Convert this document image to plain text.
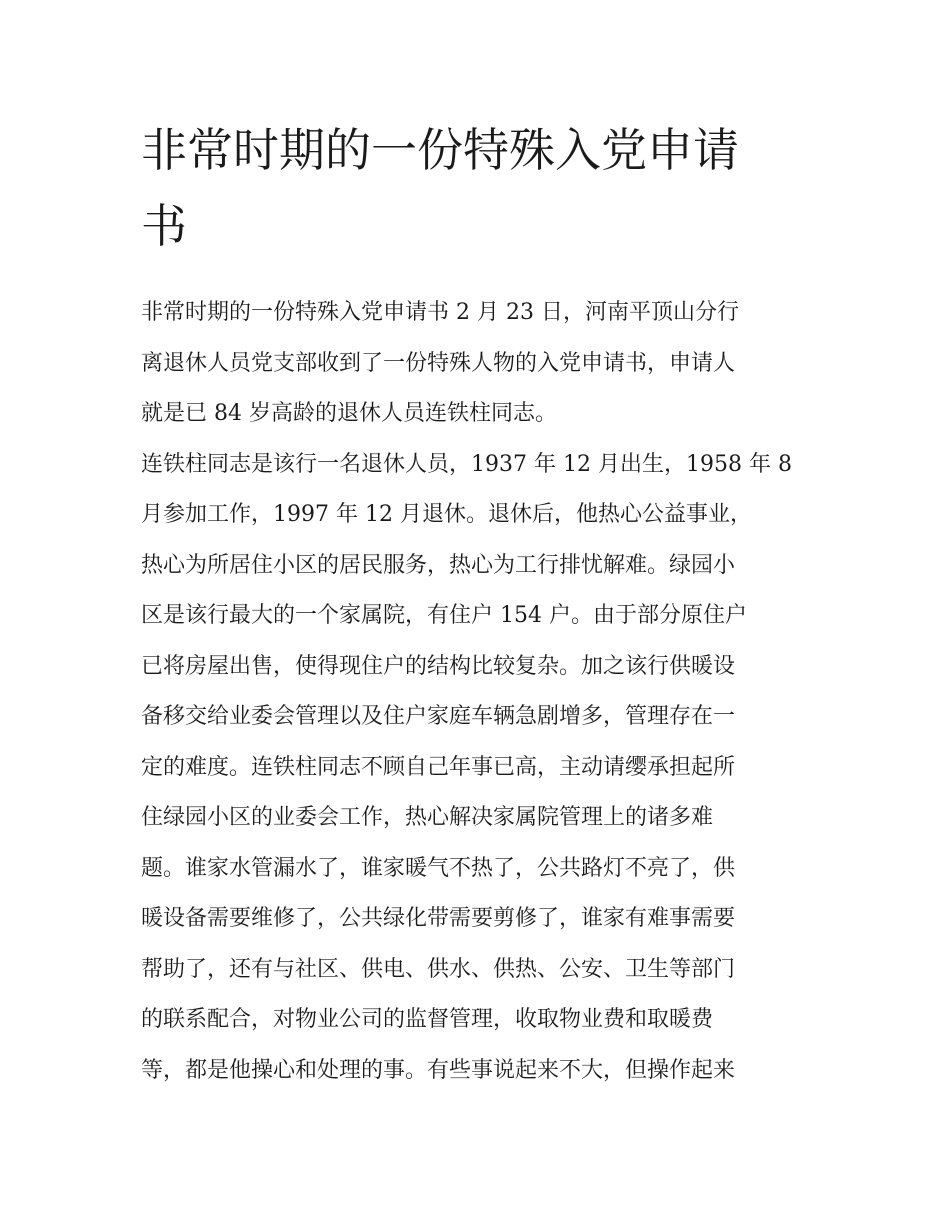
非常时期的一份特殊入党申请
书
非常时期的一份特殊入党申请书 2 月 23 日，河南平顶山分行
离退休人员党支部收到了一份特殊人物的入党申请书，申请人
就是已 84 岁高龄的退休人员连铁柱同志。
连铁柱同志是该行一名退休人员，1937 年 12 月出生，1958 年 8
月参加工作，1997 年 12 月退休。退休后，他热心公益事业，
热心为所居住小区的居民服务，热心为工行排忧解难。绿园小
区是该行最大的一个家属院，有住户 154 户。由于部分原住户
已将房屋出售，使得现住户的结构比较复杂。加之该行供暖设
备移交给业委会管理以及住户家庭车辆急剧增多，管理存在一
定的难度。连铁柱同志不顾自己年事已高，主动请缨承担起所
住绿园小区的业委会工作，热心解决家属院管理上的诸多难
题。谁家水管漏水了，谁家暖气不热了，公共路灯不亮了，供
暖设备需要维修了，公共绿化带需要剪修了，谁家有难事需要
帮助了，还有与社区、供电、供水、供热、公安、卫生等部门
的联系配合，对物业公司的监督管理，收取物业费和取暖费
等，都是他操心和处理的事。有些事说起来不大，但操作起来
